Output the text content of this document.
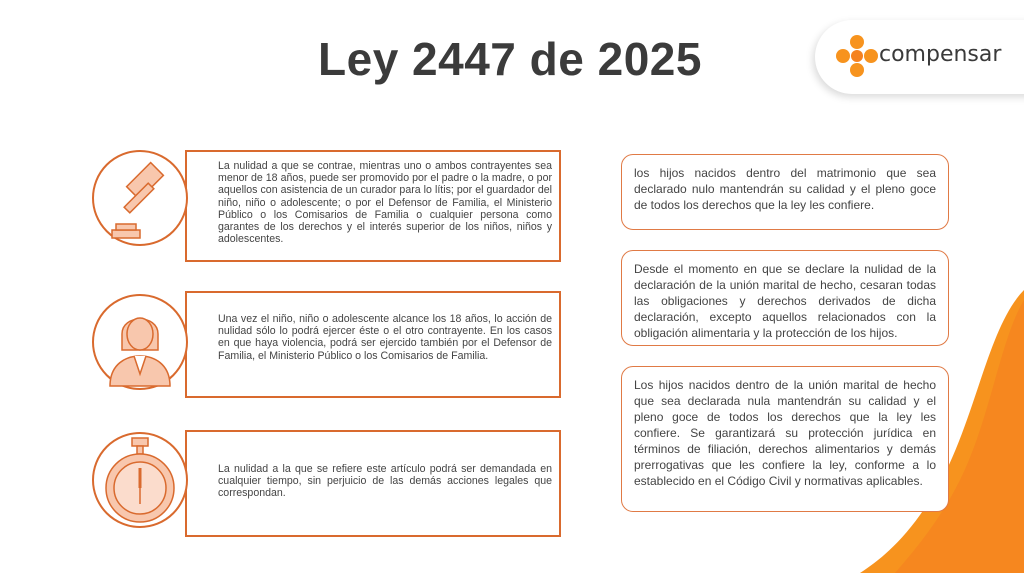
Ley 2447 de 2025	compensar
La nulidad a que se contrae, mientras uno o ambos contrayentes sea menor de 18 años, puede ser promovido por el padre o la madre, o por aquellos con asistencia de un curador para lo lítis; por el guardador del niño, niño o adolescente; o por el Defensor de Familia, el Ministerio Público o los Comisarios de Familia o cualquier persona como garantes de los derechos y el interés superior de los niños, niños y adolescentes.
Una vez el niño, niño o adolescente alcance los 18 años, lo acción de nulidad sólo lo podrá ejercer éste o el otro contrayente. En los casos en que haya violencia, podrá ser ejercido también por el Defensor de Familia, el Ministerio Público o los Comisarios de Familia.
La nulidad a la que se refiere este artículo podrá ser demandada en cualquier tiempo, sin perjuicio de las demás acciones legales que correspondan.
los hijos nacidos dentro del matrimonio que sea declarado nulo mantendrán su calidad y el pleno goce de todos los derechos que la ley les confiere.
Desde el momento en que se declare la nulidad de la declaración de la unión marital de hecho, cesaran todas las obligaciones y derechos derivados de dicha declaración, excepto aquellos relacionados con la obligación alimentaria y la protección de los hijos.
Los hijos nacidos dentro de la unión marital de hecho que sea declarada nula mantendrán su calidad y el pleno goce de todos los derechos que la ley les confiere. Se garantizará su protección jurídica en términos de filiación, derechos alimentarios y demás prerrogativas que les confiere la ley, conforme a lo establecido en el Código Civil y normativas aplicables.
